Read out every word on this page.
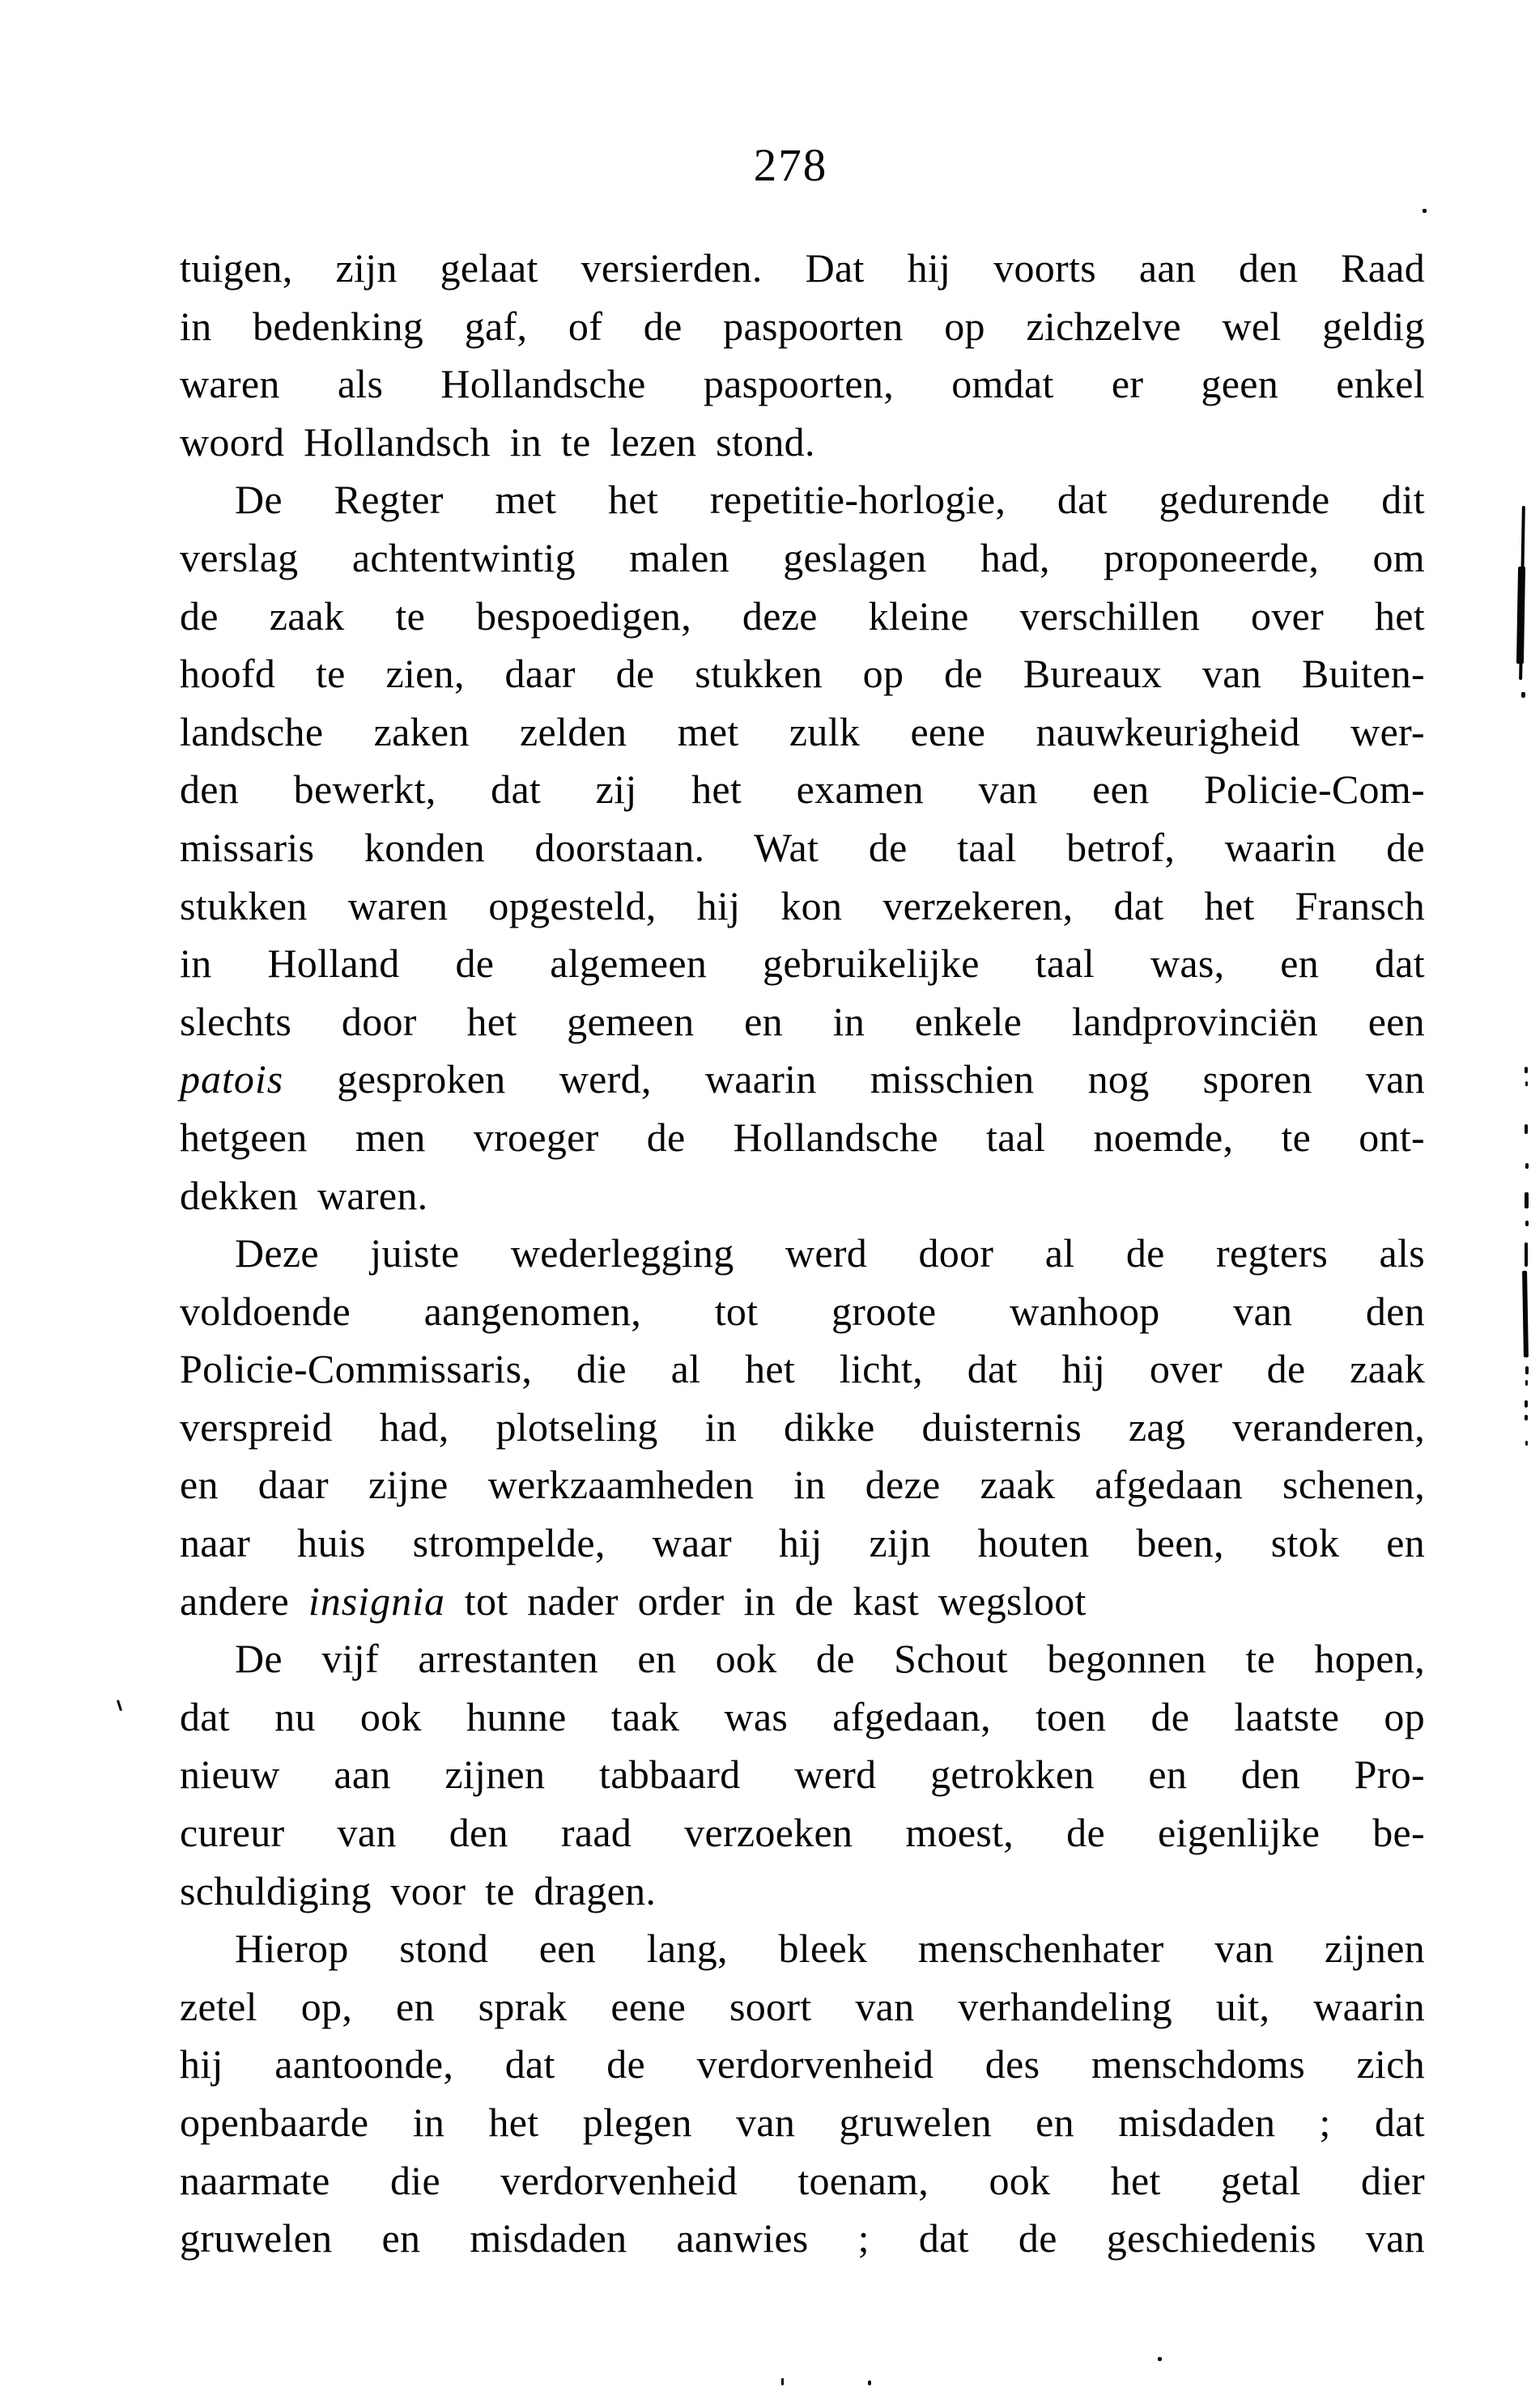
278
tuigen, zijn gelaat versierden. Dat hij voorts aan den Raad
in bedenking gaf, of de paspoorten op zichzelve wel geldig
waren als Hollandsche paspoorten, omdat er geen enkel
woord Hollandsch in te lezen stond.
De Regter met het repetitie-horlogie, dat gedurende dit
verslag achtentwintig malen geslagen had, proponeerde, om
de zaak te bespoedigen, deze kleine verschillen over het
hoofd te zien, daar de stukken op de Bureaux van Buiten-
landsche zaken zelden met zulk eene nauwkeurigheid wer-
den bewerkt, dat zij het examen van een Policie-Com-
missaris konden doorstaan. Wat de taal betrof, waarin de
stukken waren opgesteld, hij kon verzekeren, dat het Fransch
in Holland de algemeen gebruikelijke taal was, en dat
slechts door het gemeen en in enkele landprovinciën een
patois gesproken werd, waarin misschien nog sporen van
hetgeen men vroeger de Hollandsche taal noemde, te ont-
dekken waren.
Deze juiste wederlegging werd door al de regters als
voldoende aangenomen, tot groote wanhoop van den
Policie-Commissaris, die al het licht, dat hij over de zaak
verspreid had, plotseling in dikke duisternis zag veranderen,
en daar zijne werkzaamheden in deze zaak afgedaan schenen,
naar huis strompelde, waar hij zijn houten been, stok en
andere insignia tot nader order in de kast wegsloot
De vijf arrestanten en ook de Schout begonnen te hopen,
dat nu ook hunne taak was afgedaan, toen de laatste op
nieuw aan zijnen tabbaard werd getrokken en den Pro-
cureur van den raad verzoeken moest, de eigenlijke be-
schuldiging voor te dragen.
Hierop stond een lang, bleek menschenhater van zijnen
zetel op, en sprak eene soort van verhandeling uit, waarin
hij aantoonde, dat de verdorvenheid des menschdoms zich
openbaarde in het plegen van gruwelen en misdaden ; dat
naarmate die verdorvenheid toenam, ook het getal dier
gruwelen en misdaden aanwies ; dat de geschiedenis van
